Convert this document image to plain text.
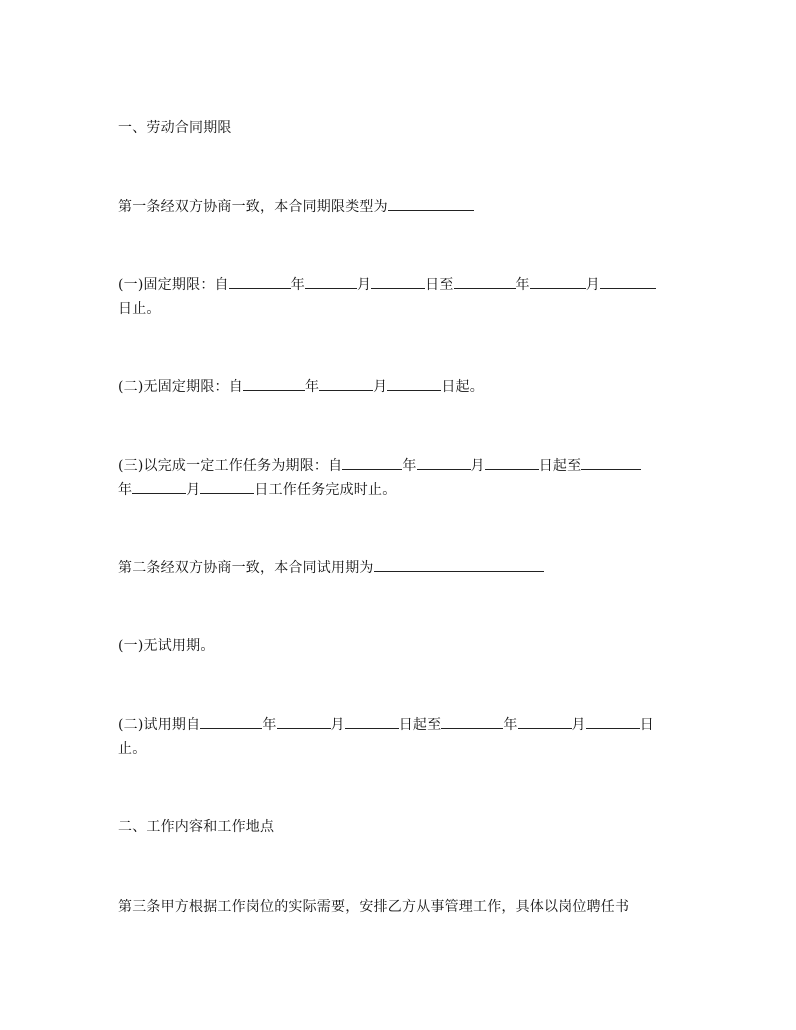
一、劳动合同期限
第一条经双方协商一致，本合同期限类型为
(一)固定期限：自	年	月	日至	年	月
日止。
(二)无固定期限：自	年	月	日起。
(三)以完成一定工作任务为期限：自	年	月	日起至
年	月	日工作任务完成时止。
第二条经双方协商一致，本合同试用期为
(一)无试用期。
(二)试用期自	年	月	日起至	年	月	日
止。
二、工作内容和工作地点
第三条甲方根据工作岗位的实际需要，安排乙方从事管理工作，具体以岗位聘任书
